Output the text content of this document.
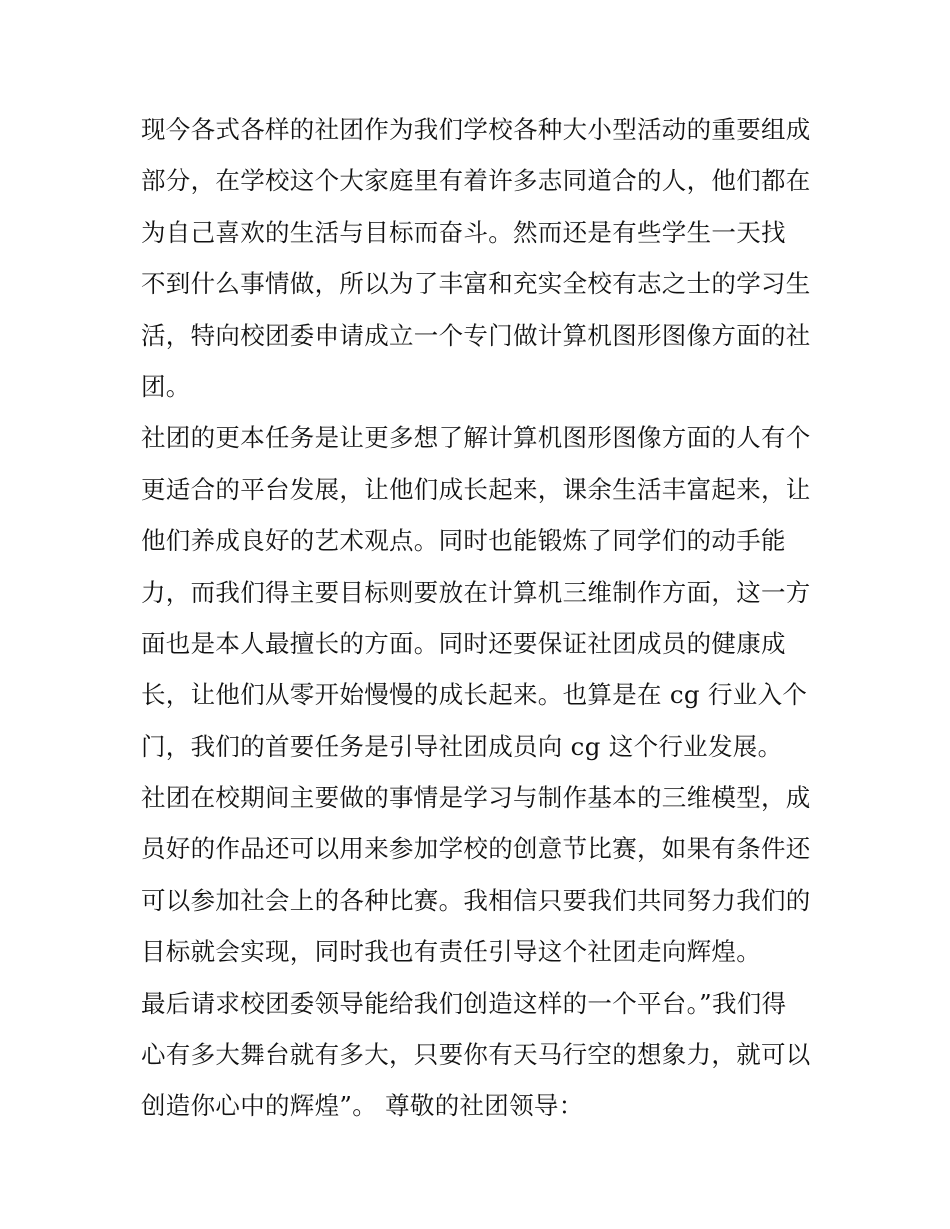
现今各式各样的社团作为我们学校各种大小型活动的重要组成
部分，在学校这个大家庭里有着许多志同道合的人，他们都在
为自己喜欢的生活与目标而奋斗。然而还是有些学生一天找
不到什么事情做，所以为了丰富和充实全校有志之士的学习生
活，特向校团委申请成立一个专门做计算机图形图像方面的社
团。
社团的更本任务是让更多想了解计算机图形图像方面的人有个
更适合的平台发展，让他们成长起来，课余生活丰富起来，让
他们养成良好的艺术观点。同时也能锻炼了同学们的动手能
力，而我们得主要目标则要放在计算机三维制作方面，这一方
面也是本人最擅长的方面。同时还要保证社团成员的健康成
长，让他们从零开始慢慢的成长起来。也算是在 cg 行业入个
门，我们的首要任务是引导社团成员向 cg 这个行业发展。
社团在校期间主要做的事情是学习与制作基本的三维模型，成
员好的作品还可以用来参加学校的创意节比赛，如果有条件还
可以参加社会上的各种比赛。我相信只要我们共同努力我们的
目标就会实现，同时我也有责任引导这个社团走向辉煌。
最后请求校团委领导能给我们创造这样的一个平台。”我们得
心有多大舞台就有多大，只要你有天马行空的想象力，就可以
创造你心中的辉煌”。 尊敬的社团领导：
